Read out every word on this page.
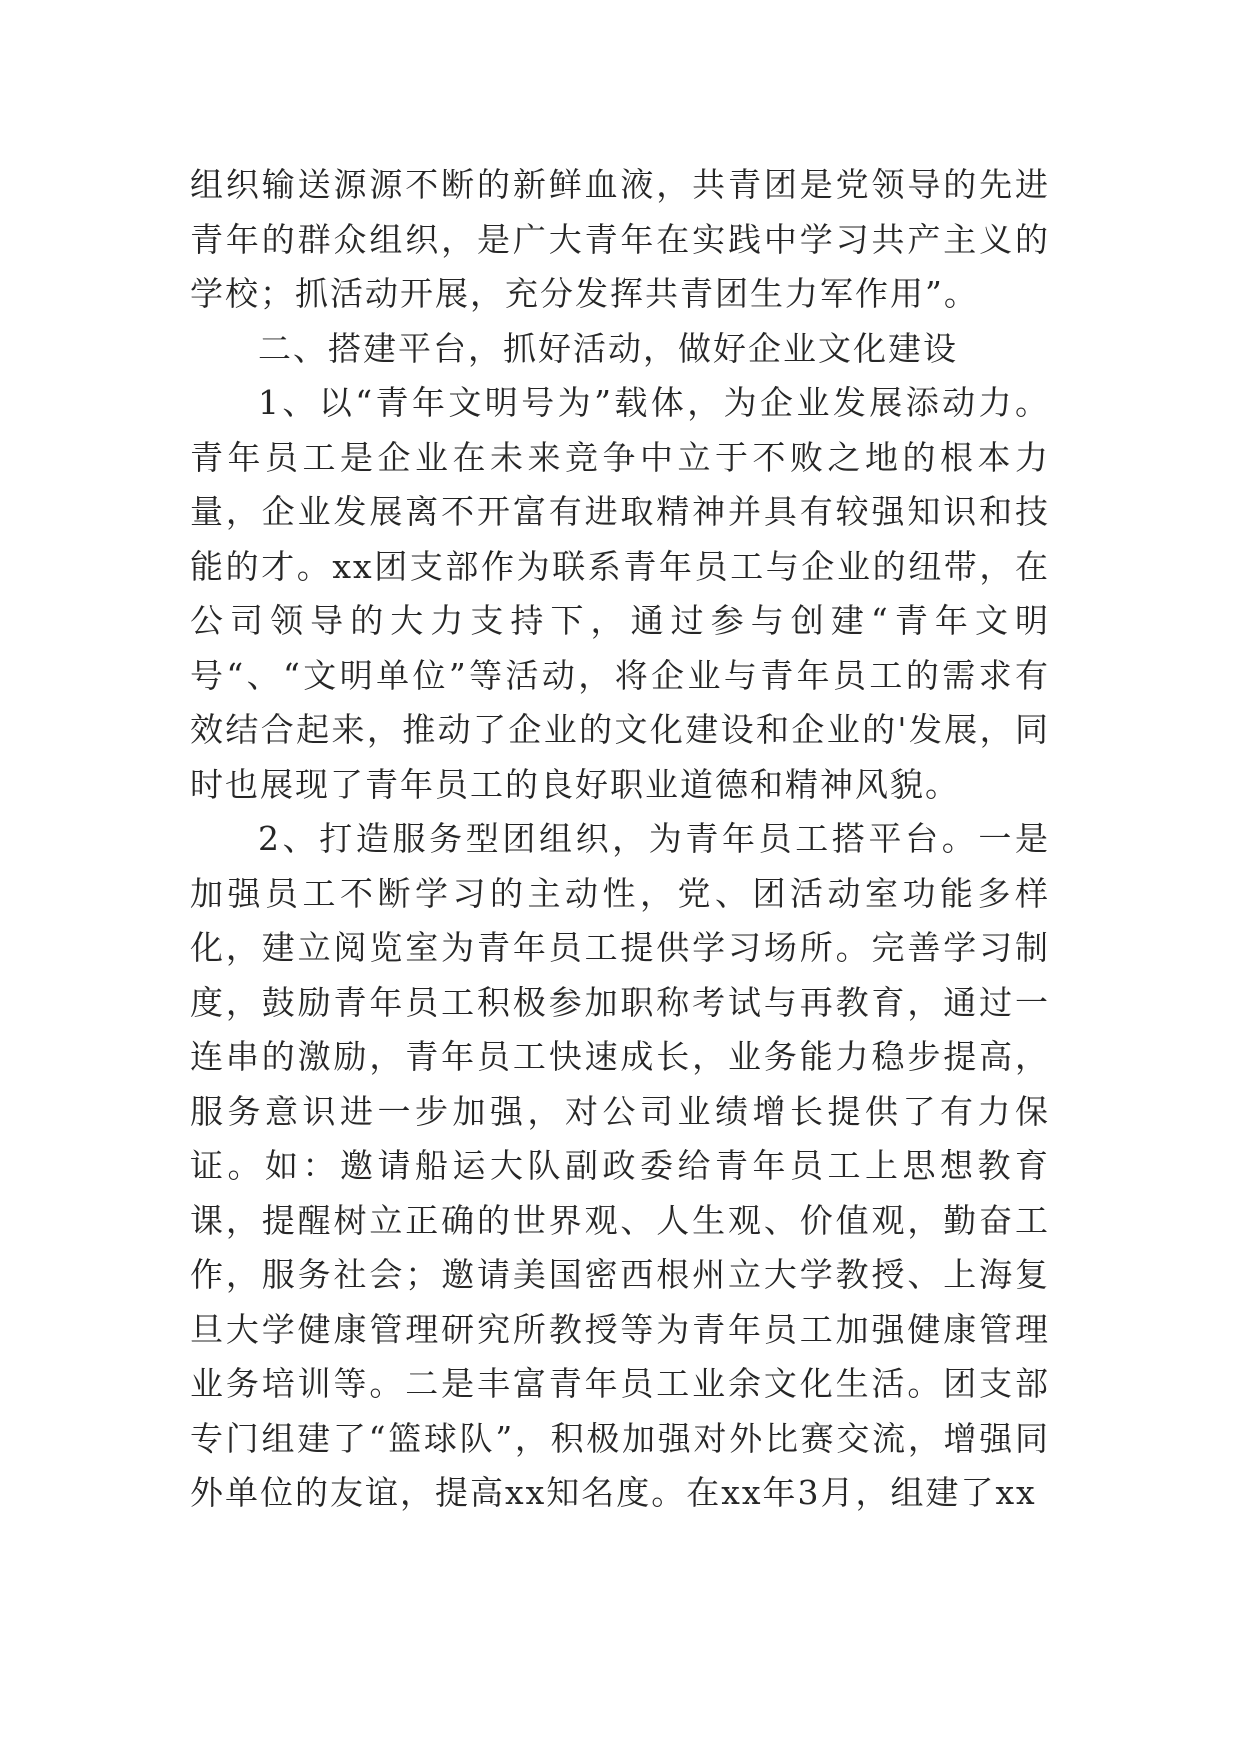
组织输送源源不断的新鲜血液，共青团是党领导的先进青年的群众组织，是广大青年在实践中学习共产主义的学校；抓活动开展，充分发挥共青团生力军作用”。

二、搭建平台，抓好活动，做好企业文化建设

1、以“青年文明号为”载体，为企业发展添动力。青年员工是企业在未来竞争中立于不败之地的根本力量，企业发展离不开富有进取精神并具有较强知识和技能的才。xx团支部作为联系青年员工与企业的纽带，在公司领导的大力支持下，通过参与创建“青年文明号“、“文明单位”等活动，将企业与青年员工的需求有效结合起来，推动了企业的文化建设和企业的'发展，同时也展现了青年员工的良好职业道德和精神风貌。

2、打造服务型团组织，为青年员工搭平台。一是加强员工不断学习的主动性，党、团活动室功能多样化，建立阅览室为青年员工提供学习场所。完善学习制度，鼓励青年员工积极参加职称考试与再教育，通过一连串的激励，青年员工快速成长，业务能力稳步提高，服务意识进一步加强，对公司业绩增长提供了有力保证。如：邀请船运大队副政委给青年员工上思想教育课，提醒树立正确的世界观、人生观、价值观，勤奋工作，服务社会；邀请美国密西根州立大学教授、上海复旦大学健康管理研究所教授等为青年员工加强健康管理业务培训等。二是丰富青年员工业余文化生活。团支部专门组建了“篮球队”，积极加强对外比赛交流，增强同外单位的友谊，提高xx知名度。在xx年3月，组建了xx
